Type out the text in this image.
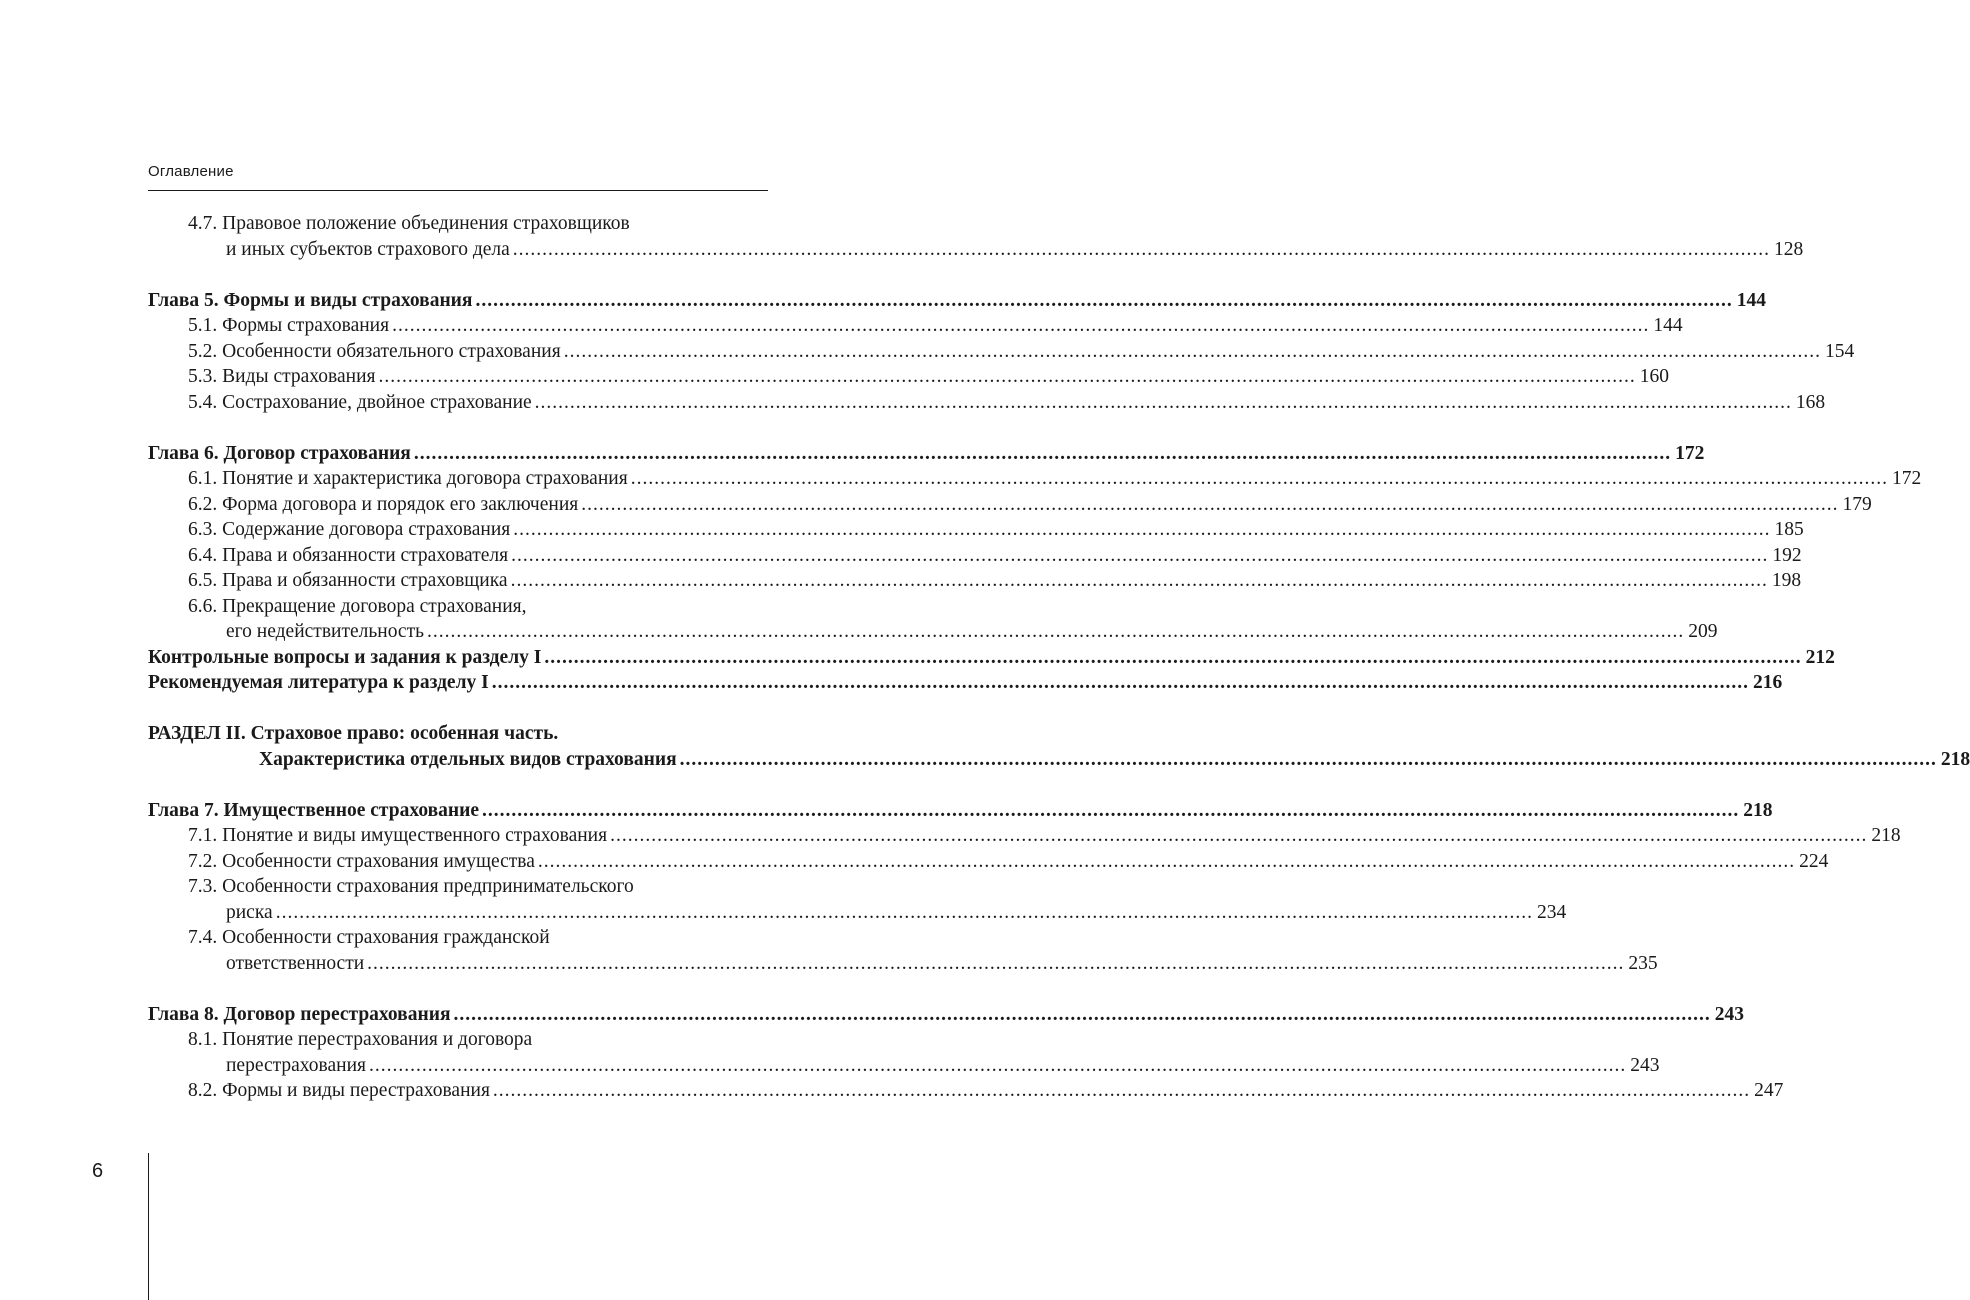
Оглавление
4.7. Правовое положение объединения страховщиков
и иных субъектов страхового дела .....	128
Глава 5. Формы и виды страхования .....	144
5.1. Формы страхования .....	144
5.2. Особенности обязательного страхования .....	154
5.3. Виды страхования .....	160
5.4. Сострахование, двойное страхование .....	168
Глава 6. Договор страхования .....	172
6.1. Понятие и характеристика договора страхования .....	172
6.2. Форма договора и порядок его заключения .....	179
6.3. Содержание договора страхования .....	185
6.4. Права и обязанности страхователя .....	192
6.5. Права и обязанности страховщика .....	198
6.6. Прекращение договора страхования,
его недействительность .....	209
Контрольные вопросы и задания к разделу I .....	212
Рекомендуемая литература к разделу I .....	216
РАЗДЕЛ II. Страховое право: особенная часть.
Характеристика отдельных видов страхования .....	218
Глава 7. Имущественное страхование .....	218
7.1. Понятие и виды имущественного страхования .....	218
7.2. Особенности страхования имущества .....	224
7.3. Особенности страхования предпринимательского
риска .....	234
7.4. Особенности страхования гражданской
ответственности .....	235
Глава 8. Договор перестрахования .....	243
8.1. Понятие перестрахования и договора
перестрахования .....	243
8.2. Формы и виды перестрахования .....	247
6
